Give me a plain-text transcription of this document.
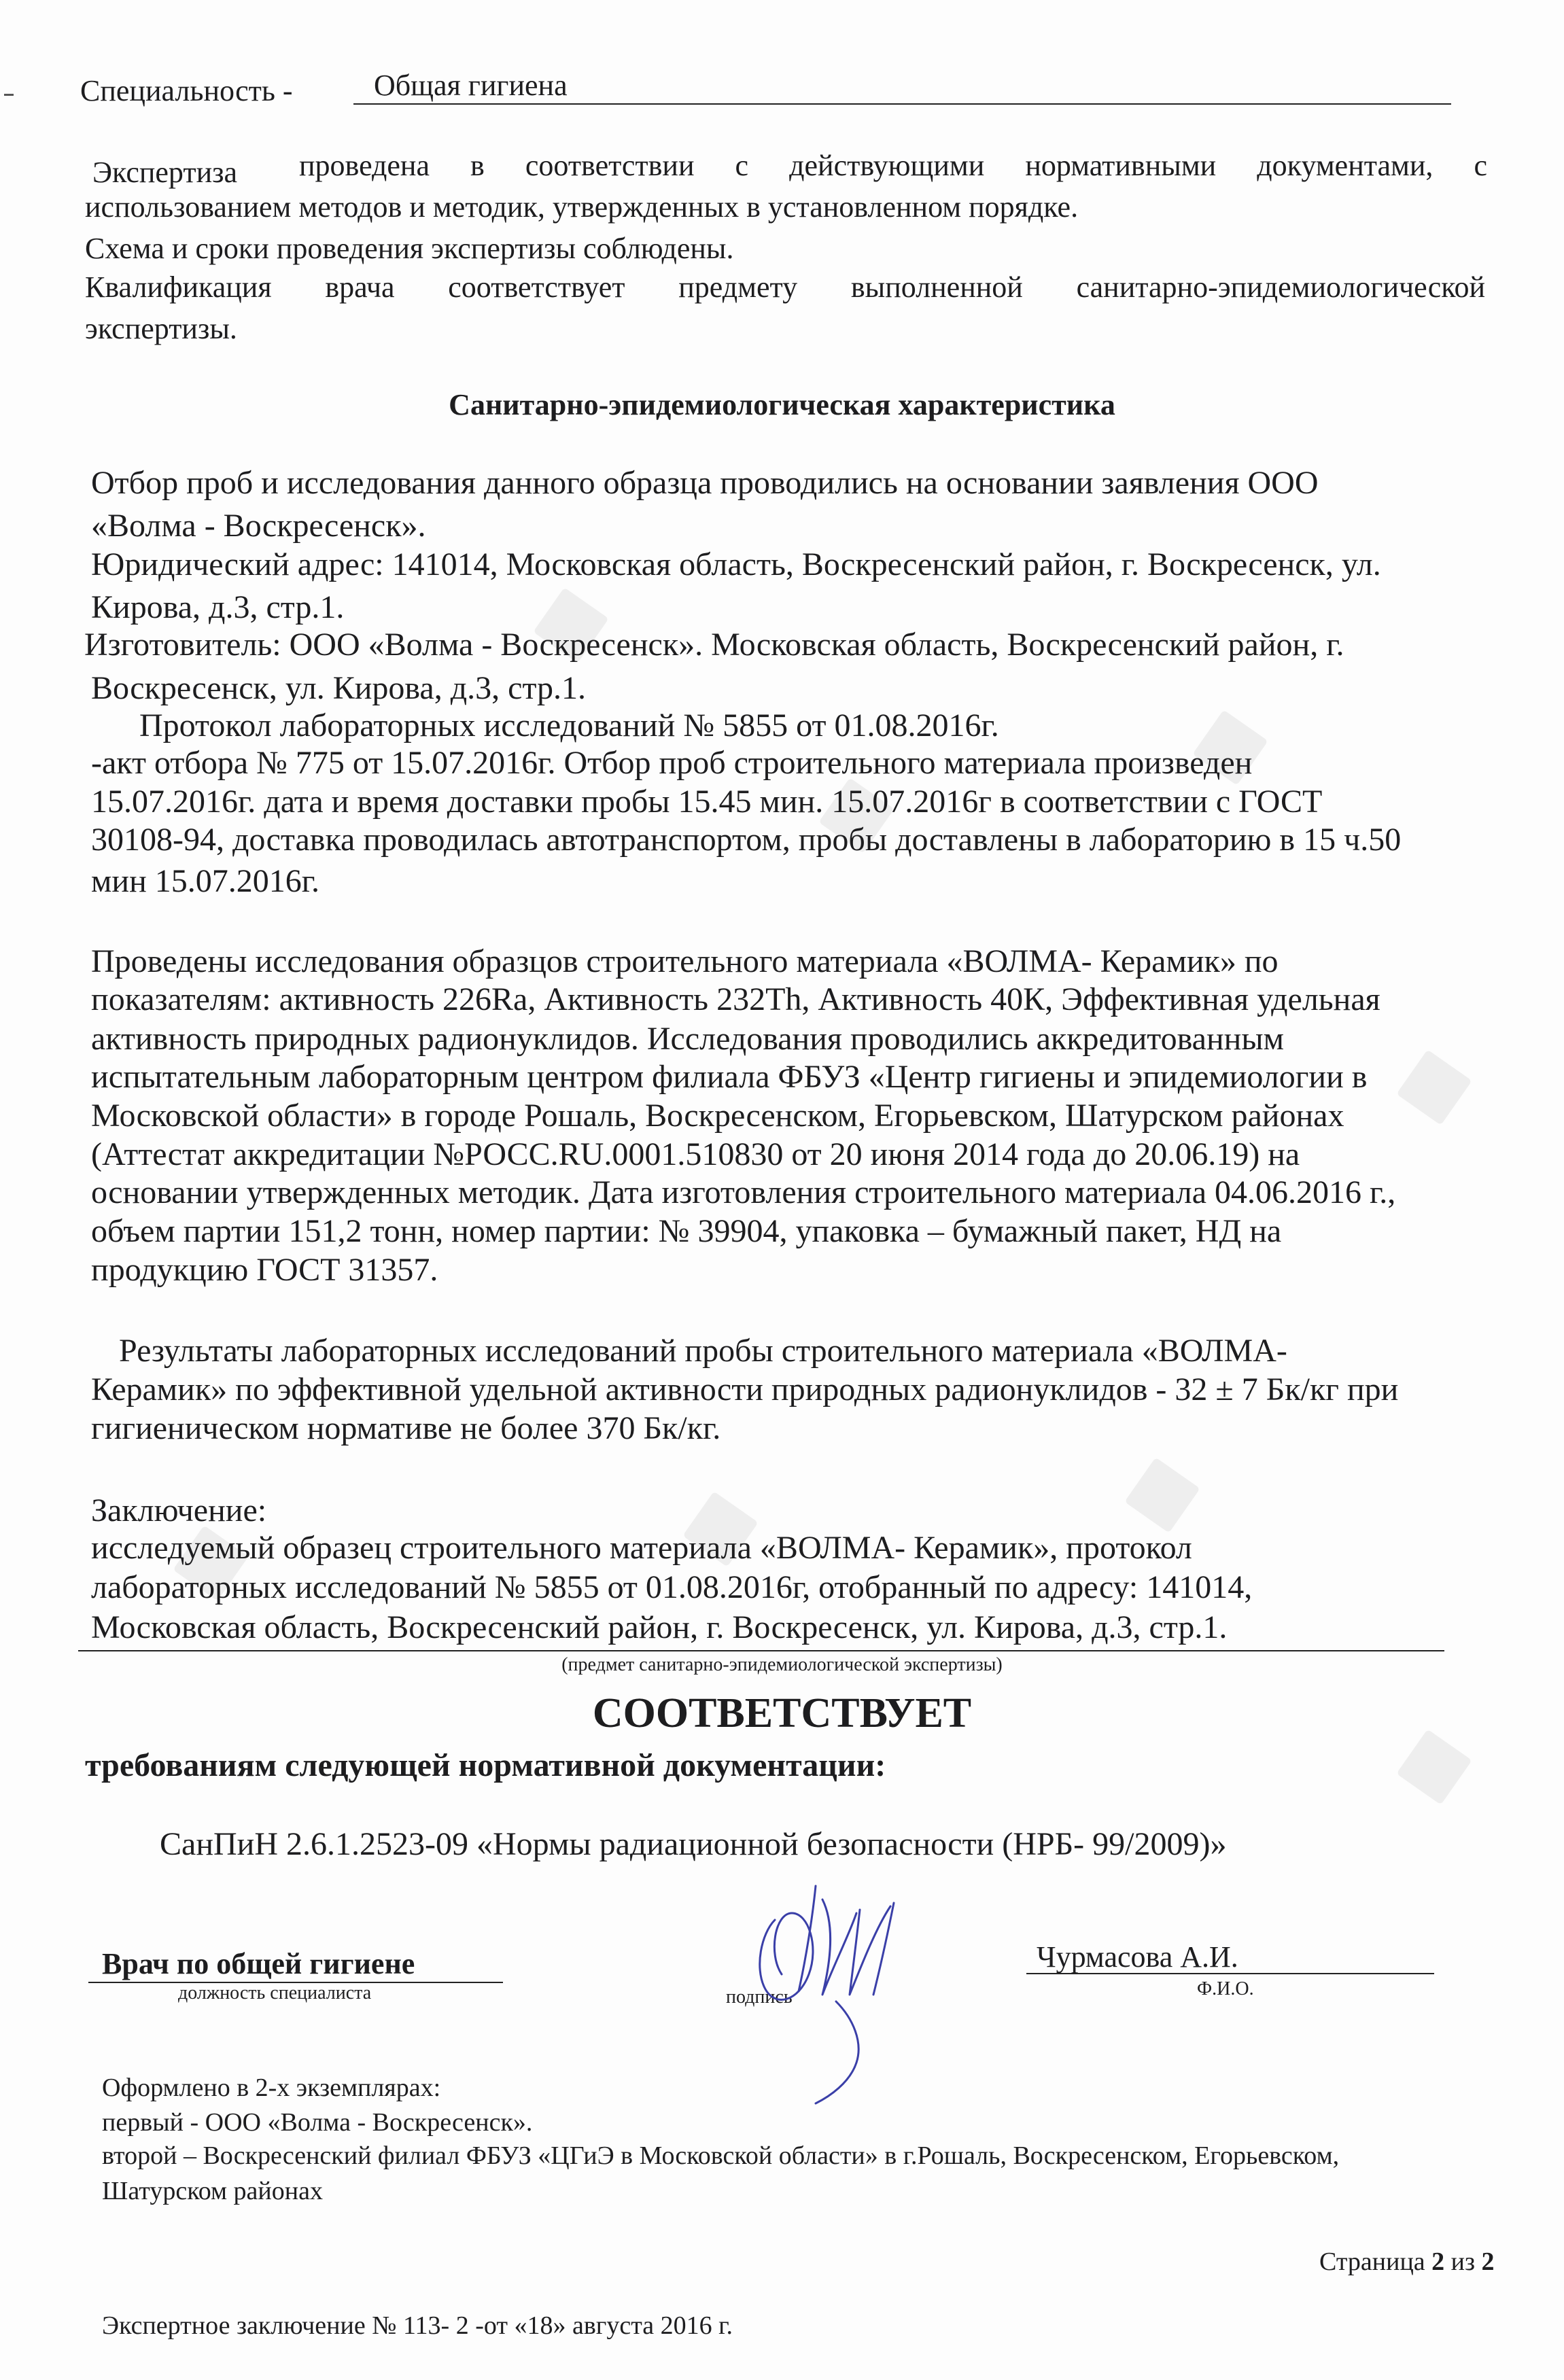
Специальность -	Общая гигиена
Экспертиза проведена в соответствии с действующими нормативными документами, с
использованием методов и методик, утвержденных в установленном порядке.
Схема и сроки проведения экспертизы соблюдены.
Квалификация врача соответствует предмету выполненной санитарно-эпидемиологической
экспертизы.
Санитарно-эпидемиологическая характеристика
Отбор проб и исследования данного образца проводились на основании заявления ООО
«Волма - Воскресенск».
Юридический адрес: 141014, Московская область, Воскресенский район, г. Воскресенск, ул.
Кирова, д.3, стр.1.
Изготовитель: ООО «Волма - Воскресенск». Московская область, Воскресенский район, г.
Воскресенск, ул. Кирова, д.3, стр.1.
Протокол лабораторных исследований № 5855 от 01.08.2016г.
-акт отбора № 775 от 15.07.2016г. Отбор проб строительного материала произведен
15.07.2016г. дата и время доставки пробы 15.45 мин. 15.07.2016г в соответствии с ГОСТ
30108-94, доставка проводилась автотранспортом, пробы доставлены в лабораторию в 15 ч.50
мин 15.07.2016г.
Проведены исследования образцов строительного материала «ВОЛМА- Керамик» по
показателям: активность 226Ra, Активность 232Th, Активность 40К, Эффективная удельная
активность природных радионуклидов. Исследования проводились аккредитованным
испытательным лабораторным центром филиала ФБУЗ «Центр гигиены и эпидемиологии в
Московской области» в городе Рошаль, Воскресенском, Егорьевском, Шатурском районах
(Аттестат аккредитации №РОСС.RU.0001.510830 от 20 июня 2014 года до 20.06.19) на
основании утвержденных методик. Дата изготовления строительного материала 04.06.2016 г.,
объем партии 151,2 тонн, номер партии: № 39904, упаковка – бумажный пакет, НД на
продукцию ГОСТ 31357.
Результаты лабораторных исследований пробы строительного материала «ВОЛМА-
Керамик» по эффективной удельной активности природных радионуклидов - 32 ± 7 Бк/кг при
гигиеническом нормативе не более 370 Бк/кг.
Заключение:
исследуемый образец строительного материала «ВОЛМА- Керамик», протокол
лабораторных исследований № 5855 от 01.08.2016г, отобранный по адресу: 141014,
Московская область, Воскресенский район, г. Воскресенск, ул. Кирова, д.3, стр.1.
(предмет санитарно-эпидемиологической экспертизы)
СООТВЕТСТВУЕТ
требованиям следующей нормативной документации:
СанПиН 2.6.1.2523-09 «Нормы радиационной безопасности (НРБ- 99/2009)»
Врач по общей гигиене
должность специалиста	подпись
Чурмасова А.И.
Ф.И.О.
Оформлено в 2-х экземплярах:
первый - ООО «Волма - Воскресенск».
второй – Воскресенский филиал ФБУЗ «ЦГиЭ в Московской области» в г.Рошаль, Воскресенском, Егорьевском,
Шатурском районах
Страница 2 из 2
Экспертное заключение № 113- 2 -от «18» августа 2016 г.
